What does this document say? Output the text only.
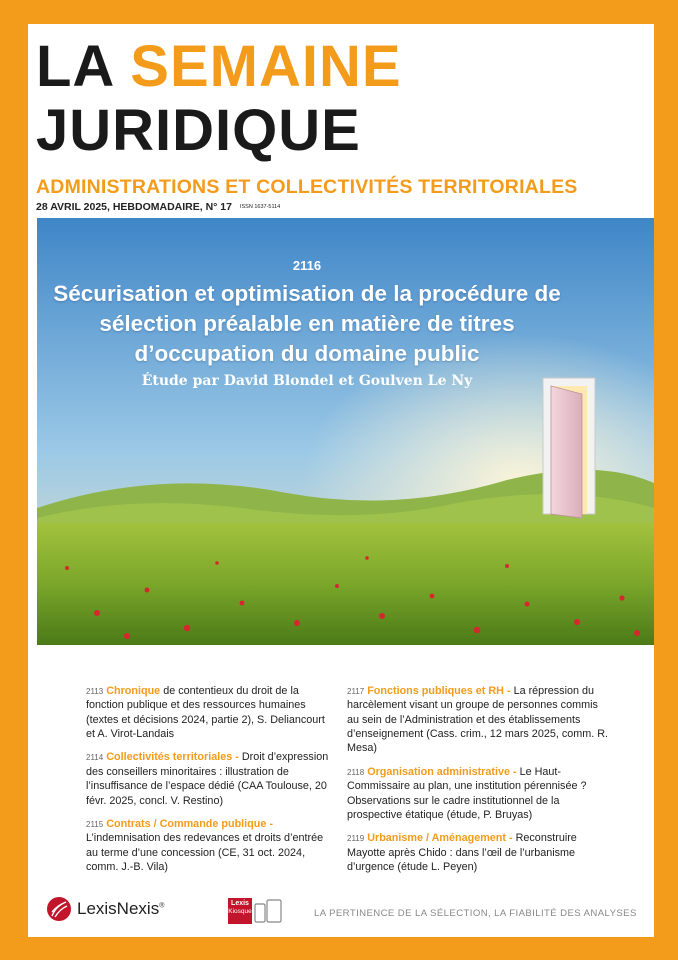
LA SEMAINE
JURIDIQUE
ADMINISTRATIONS ET COLLECTIVITÉS TERRITORIALES
28 AVRIL 2025, HEBDOMADAIRE, N° 17 ISSN 1637-5114
2116
Sécurisation et optimisation de la procédure de sélection préalable en matière de titres d’occupation du domaine public
Étude par David Blondel et Goulven Le Ny
2113 Chronique de contentieux du droit de la fonction publique et des ressources humaines (textes et décisions 2024, partie 2), S. Deliancourt et A. Virot-Landais
2114 Collectivités territoriales - Droit d’expression des conseillers minoritaires : illustration de l’insuffisance de l’espace dédié (CAA Toulouse, 20 févr. 2025, concl. V. Restino)
2115 Contrats / Commande publique - L’indemnisation des redevances et droits d’entrée au terme d’une concession (CE, 31 oct. 2024, comm. J.-B. Vila)
2117 Fonctions publiques et RH - La répression du harcèlement visant un groupe de personnes commis au sein de l’Administration et des établissements d’enseignement (Cass. crim., 12 mars 2025, comm. R. Mesa)
2118 Organisation administrative - Le Haut-Commissaire au plan, une institution pérennisée ? Observations sur le cadre institutionnel de la prospective étatique (étude, P. Bruyas)
2119 Urbanisme / Aménagement - Reconstruire Mayotte après Chido : dans l’œil de l’urbanisme d’urgence (étude L. Peyen)
LexisNexis®	Lexis
Kiosque	LA PERTINENCE DE LA SÉLECTION, LA FIABILITÉ DES ANALYSES
